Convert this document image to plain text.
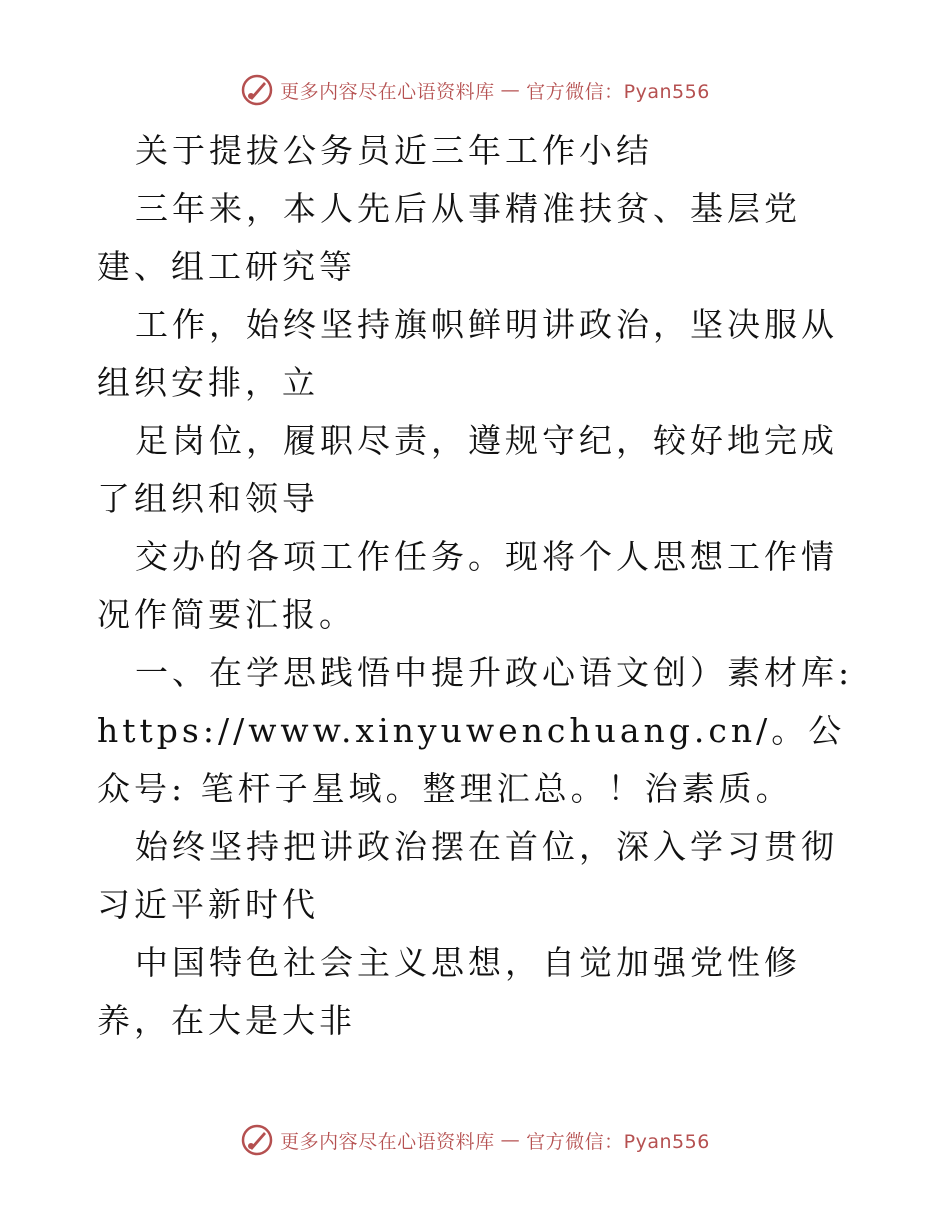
更多内容尽在心语资料库 — 官方微信：Pyan556

关于提拔公务员近三年工作小结

三年来，本人先后从事精准扶贫、基层党建、组工研究等

工作，始终坚持旗帜鲜明讲政治，坚决服从组织安排，立

足岗位，履职尽责，遵规守纪，较好地完成了组织和领导

交办的各项工作任务。现将个人思想工作情况作简要汇报。

一、在学思践悟中提升政心语文创）素材库: https://www.xinyuwenchuang.cn/。公众号: 笔杆子星域。整理汇总。！治素质。

始终坚持把讲政治摆在首位，深入学习贯彻习近平新时代

中国特色社会主义思想，自觉加强党性修养，在大是大非

更多内容尽在心语资料库 — 官方微信：Pyan556
